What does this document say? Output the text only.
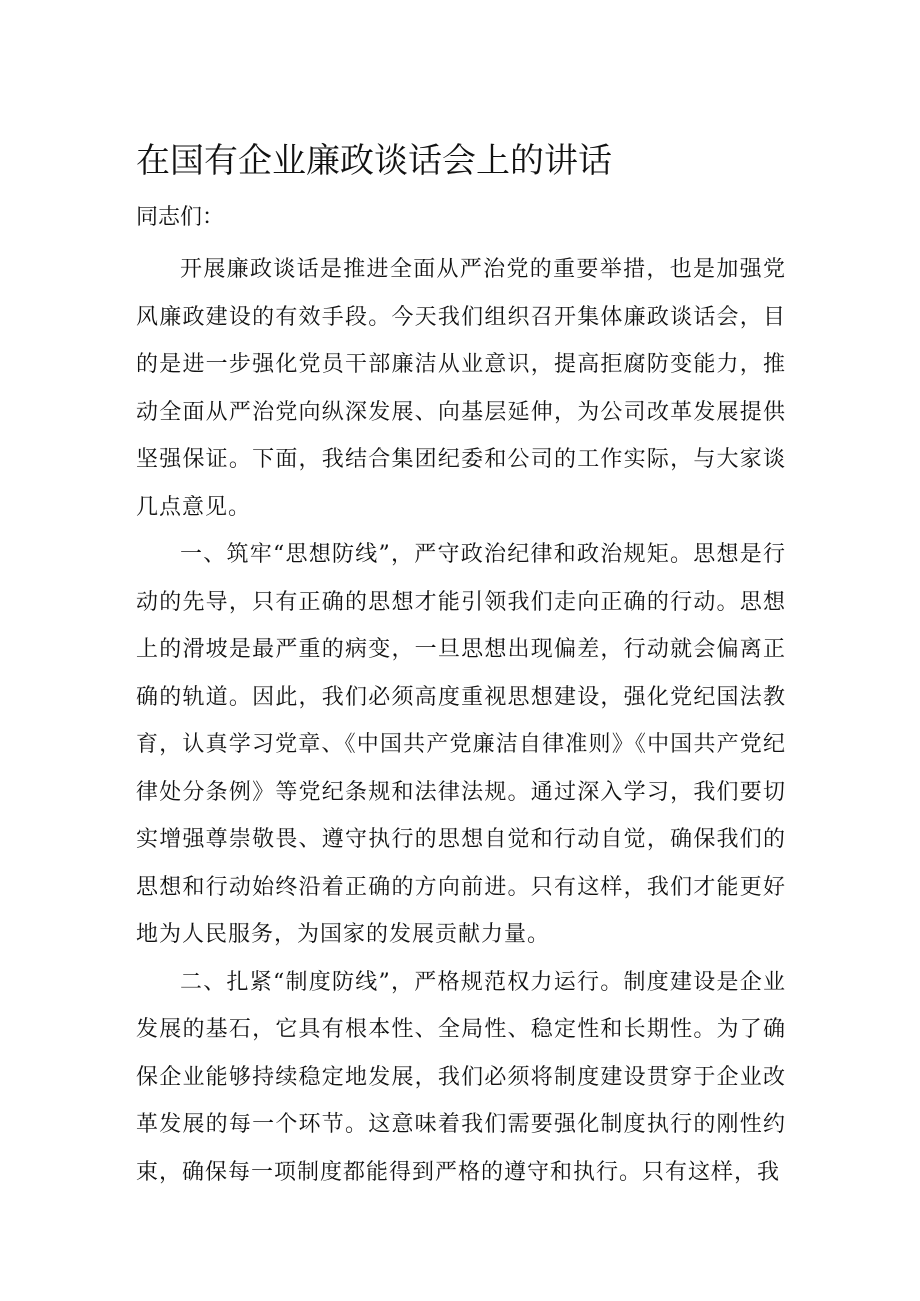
在国有企业廉政谈话会上的讲话

同志们：

开展廉政谈话是推进全面从严治党的重要举措，也是加强党风廉政建设的有效手段。今天我们组织召开集体廉政谈话会，目的是进一步强化党员干部廉洁从业意识，提高拒腐防变能力，推动全面从严治党向纵深发展、向基层延伸，为公司改革发展提供坚强保证。下面，我结合集团纪委和公司的工作实际，与大家谈几点意见。

一、筑牢“思想防线”，严守政治纪律和政治规矩。思想是行动的先导，只有正确的思想才能引领我们走向正确的行动。思想上的滑坡是最严重的病变，一旦思想出现偏差，行动就会偏离正确的轨道。因此，我们必须高度重视思想建设，强化党纪国法教育，认真学习党章、《中国共产党廉洁自律准则》《中国共产党纪律处分条例》等党纪条规和法律法规。通过深入学习，我们要切实增强尊崇敬畏、遵守执行的思想自觉和行动自觉，确保我们的思想和行动始终沿着正确的方向前进。只有这样，我们才能更好地为人民服务，为国家的发展贡献力量。

二、扎紧“制度防线”，严格规范权力运行。制度建设是企业发展的基石，它具有根本性、全局性、稳定性和长期性。为了确保企业能够持续稳定地发展，我们必须将制度建设贯穿于企业改革发展的每一个环节。这意味着我们需要强化制度执行的刚性约束，确保每一项制度都能得到严格的遵守和执行。只有这样，我
